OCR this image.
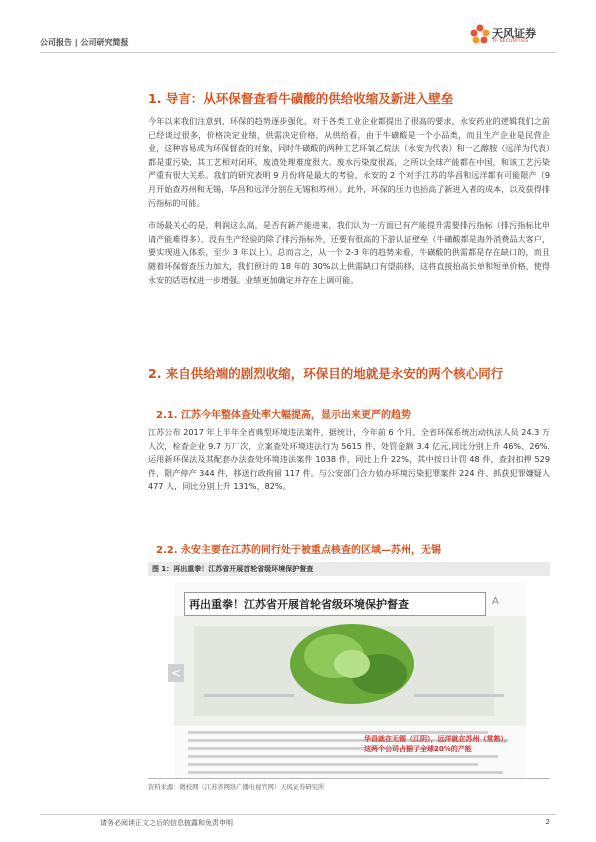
公司报告 | 公司研究简报
天风证券
TF SECURITIES
1. 导言：从环保督查看牛磺酸的供给收缩及新进入壁垒

今年以来我们注意到，环保的趋势逐步强化，对于各类工业企业都提出了很高的要求，永安药业的逻辑我们之前已经谈过很多，价格决定业绩，供需决定价格，从供给看，由于牛磺酸是一个小品类，而且生产企业是民营企业，这种容易成为环保督查的对象，同时牛磺酸的两种工艺环氧乙烷法（永安为代表）和一乙醇胺（远洋为代表）都是重污染，其工艺相对闭环，废渣处理难度很大。废水污染度很高，之所以全球产能都在中国，和该工艺污染严重有很大关系。我们的研究表明 9 月份将是最大的考验，永安的 2 个对手江苏的华昌和远洋都有可能限产（9 月开始查苏州和无锡，华昌和远洋分别在无锡和苏州）。此外，环保的压力也抬高了新进入者的成本，以及获得排污指标的可能。

市场最关心的是，利润这么高，是否有新产能进来，我们认为一方面已有产能提升需要排污指标（排污指标比申请产能难得多），没有生产经验的除了排污指标外，还要有很高的下游认证壁垒（牛磺酸都是海外消费品大客户，要实现进入体系，至少 3 年以上）。总而言之，从一个 2-3 年的趋势来看，牛磺酸的供需都是存在缺口的，而且随着环保督查压力加大，我们预计的 18 年的 30%以上供需缺口有望前移，这将直接抬高长单和短单价格，使得永安的话语权进一步增强。业绩更加确定并存在上调可能。

2. 来自供给端的剧烈收缩，环保目的地就是永安的两个核心同行
2.1. 江苏今年整体查处率大幅提高，显示出来更严的趋势

江苏公布 2017 年上半年全省典型环境违法案件，据统计，今年前 6 个月，全省环保系统出动执法人员 24.3 万人次，检查企业 9.7 万厂次，立案查处环境违法行为 5615 件、处罚金额 3.4 亿元,同比分别上升 46%、26%.运用新环保法及其配套办法查处环境违法案件 1038 件，同比上升 22%，其中按日计罚 48 件，查封扣押 529 件，限产停产 344 件，移送行政拘留 117 件。与公安部门合力侦办环境污染犯罪案件 224 件、抓获犯罪嫌疑人 477 人，同比分别上升 131%、82%。

2.2. 永安主要在江苏的同行处于被重点核查的区域—苏州，无锡
图 1：再出重拳！江苏省开展首轮省级环境保护督查
再出重拳！江苏省开展首轮省级环境保护督查	A
华昌就在无锡（江阴），远洋就在苏州（常熟），这两个公司占据了全球20%的产能
<
资料来源：微校网（江苏省网络广播电视官网）天风证券研究所
请务必阅读正文之后的信息披露和免责申明	2
